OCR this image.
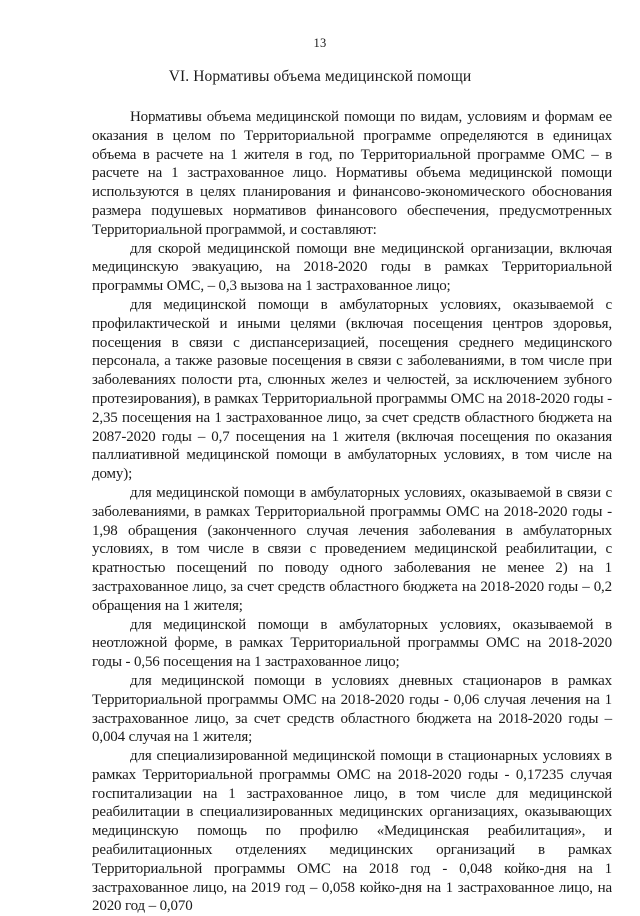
13
VI. Нормативы объема медицинской помощи

Нормативы объема медицинской помощи по видам, условиям и формам ее оказания в целом по Территориальной программе определяются в единицах объема в расчете на 1 жителя в год, по Территориальной программе ОМС – в расчете на 1 застрахованное лицо. Нормативы объема медицинской помощи используются в целях планирования и финансово-экономического обоснования размера подушевых нормативов финансового обеспечения, предусмотренных Территориальной программой, и составляют:

для скорой медицинской помощи вне медицинской организации, включая медицинскую эвакуацию, на 2018-2020 годы в рамках Территориальной программы ОМС, – 0,3 вызова на 1 застрахованное лицо;

для медицинской помощи в амбулаторных условиях, оказываемой с профилактической и иными целями (включая посещения центров здоровья, посещения в связи с диспансеризацией, посещения среднего медицинского персонала, а также разовые посещения в связи с заболеваниями, в том числе при заболеваниях полости рта, слюнных желез и челюстей, за исключением зубного протезирования), в рамках Территориальной программы ОМС на 2018-2020 годы - 2,35 посещения на 1 застрахованное лицо, за счет средств областного бюджета на 2087-2020 годы – 0,7 посещения на 1 жителя (включая посещения по оказания паллиативной медицинской помощи в амбулаторных условиях, в том числе на дому);

для медицинской помощи в амбулаторных условиях, оказываемой в связи с заболеваниями, в рамках Территориальной программы ОМС на 2018-2020 годы - 1,98 обращения (законченного случая лечения заболевания в амбулаторных условиях, в том числе в связи с проведением медицинской реабилитации, с кратностью посещений по поводу одного заболевания не менее 2) на 1 застрахованное лицо, за счет средств областного бюджета на 2018-2020 годы – 0,2 обращения на 1 жителя;

для медицинской помощи в амбулаторных условиях, оказываемой в неотложной форме, в рамках Территориальной программы ОМС на 2018-2020 годы - 0,56 посещения на 1 застрахованное лицо;

для медицинской помощи в условиях дневных стационаров в рамках Территориальной программы ОМС на 2018-2020 годы - 0,06 случая лечения на 1 застрахованное лицо, за счет средств областного бюджета на 2018-2020 годы – 0,004 случая на 1 жителя;

для специализированной медицинской помощи в стационарных условиях в рамках Территориальной программы ОМС на 2018-2020 годы - 0,17235 случая госпитализации на 1 застрахованное лицо, в том числе для медицинской реабилитации в специализированных медицинских организациях, оказывающих медицинскую помощь по профилю «Медицинская реабилитация», и реабилитационных отделениях медицинских организаций в рамках Территориальной программы ОМС на 2018 год - 0,048 койко-дня на 1 застрахованное лицо, на 2019 год – 0,058 койко-дня на 1 застрахованное лицо, на 2020 год – 0,070
